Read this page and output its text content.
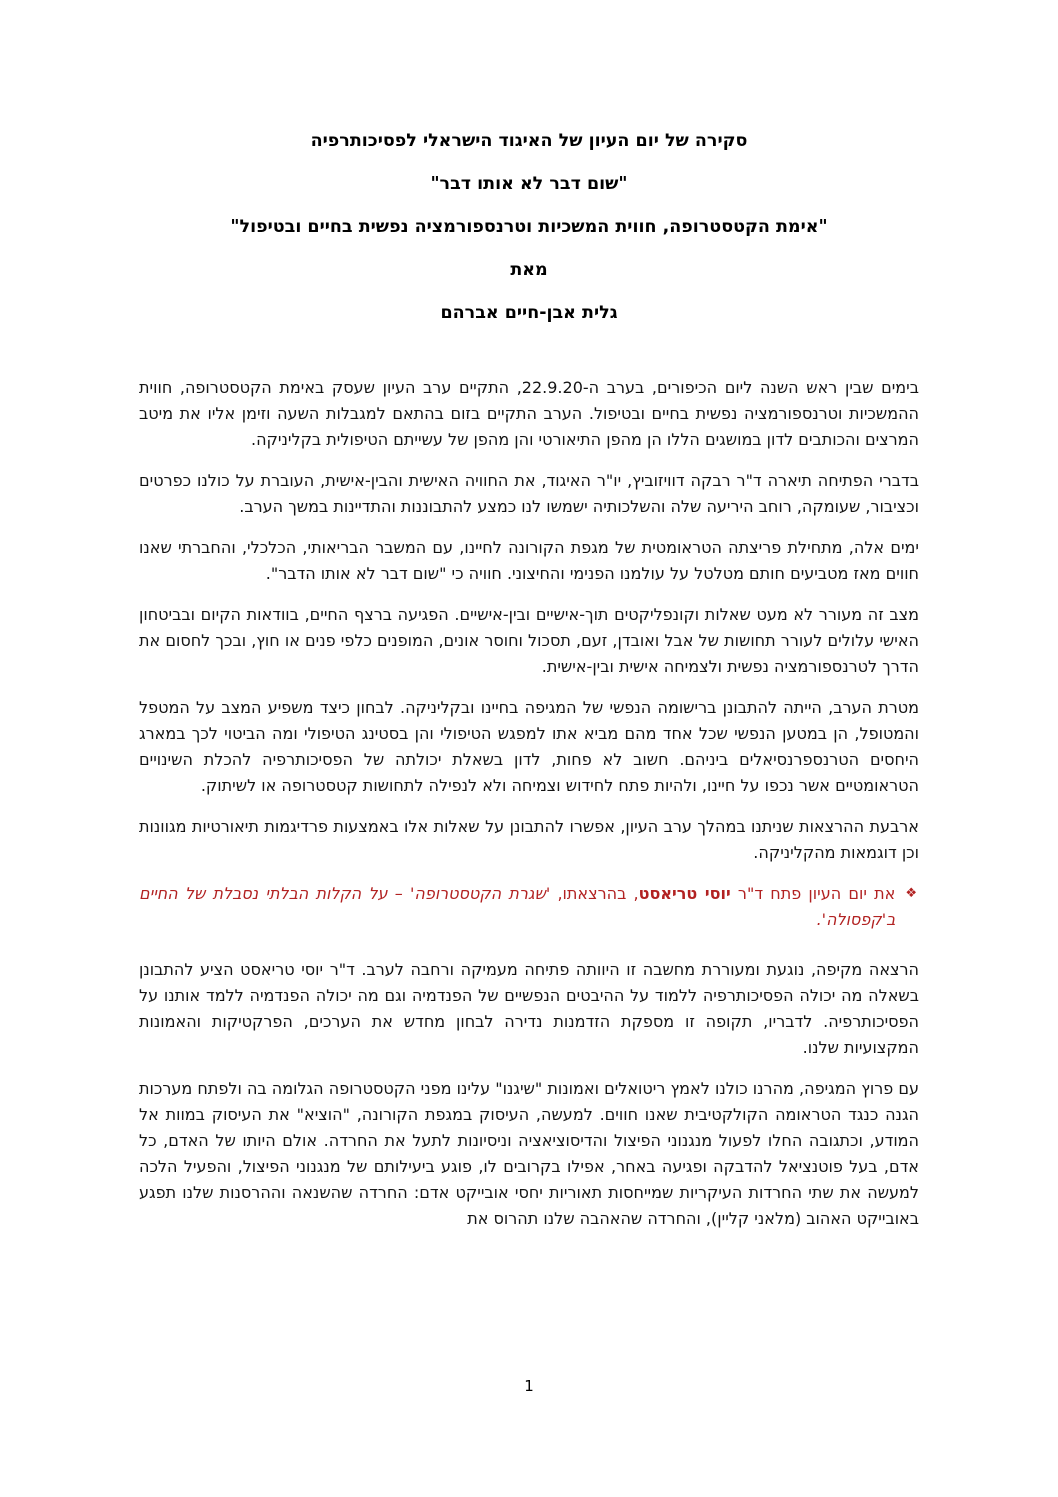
סקירה של יום העיון של האיגוד הישראלי לפסיכותרפיה
"שום דבר לא אותו דבר"
"אימת הקטסטרופה, חווית המשכיות וטרנספורמציה נפשית בחיים ובטיפול"
מאת
גלית אבן-חיים אברהם

בימים שבין ראש השנה ליום הכיפורים, בערב ה-22.9.20, התקיים ערב העיון שעסק באימת הקטסטרופה, חווית ההמשכיות וטרנספורמציה נפשית בחיים ובטיפול. הערב התקיים בזום בהתאם למגבלות השעה וזימן אליו את מיטב המרצים והכותבים לדון במושגים הללו הן מהפן התיאורטי והן מהפן של עשייתם הטיפולית בקליניקה.

בדברי הפתיחה תיארה ד"ר רבקה דוויזוביץ, יו"ר האיגוד, את החוויה האישית והבין-אישית, העוברת על כולנו כפרטים וכציבור, שעומקה, רוחב היריעה שלה והשלכותיה ישמשו לנו כמצע להתבוננות והתדיינות במשך הערב.

ימים אלה, מתחילת פריצתה הטראומטית של מגפת הקורונה לחיינו, עם המשבר הבריאותי, הכלכלי, והחברתי שאנו חווים מאז מטביעים חותם מטלטל על עולמנו הפנימי והחיצוני. חוויה כי "שום דבר לא אותו הדבר".

מצב זה מעורר לא מעט שאלות וקונפליקטים תוך-אישיים ובין-אישיים. הפגיעה ברצף החיים, בוודאות הקיום ובביטחון האישי עלולים לעורר תחושות של אבל ואובדן, זעם, תסכול וחוסר אונים, המופנים כלפי פנים או חוץ, ובכך לחסום את הדרך לטרנספורמציה נפשית ולצמיחה אישית ובין-אישית.

מטרת הערב, הייתה להתבונן ברישומה הנפשי של המגיפה בחיינו ובקליניקה. לבחון כיצד משפיע המצב על המטפל והמטופל, הן במטען הנפשי שכל אחד מהם מביא אתו למפגש הטיפולי והן בסטינג הטיפולי ומה הביטוי לכך במארג היחסים הטרנספרנסיאלים ביניהם. חשוב לא פחות, לדון בשאלת יכולתה של הפסיכותרפיה להכלת השינויים הטראומטיים אשר נכפו על חיינו, ולהיות פתח לחידוש וצמיחה ולא לנפילה לתחושות קטסטרופה או לשיתוק.

ארבעת ההרצאות שניתנו במהלך ערב העיון, אפשרו להתבונן על שאלות אלו באמצעות פרדיגמות תיאורטיות מגוונות וכן דוגמאות מהקליניקה.

❖
את יום העיון פתח ד"ר יוסי טריאסט, בהרצאתו, 'שגרת הקטסטרופה' – על הקלות הבלתי נסבלת של החיים ב'קפסולה'.

הרצאה מקיפה, נוגעת ומעוררת מחשבה זו היוותה פתיחה מעמיקה ורחבה לערב. ד"ר יוסי טריאסט הציע להתבונן בשאלה מה יכולה הפסיכותרפיה ללמוד על ההיבטים הנפשיים של הפנדמיה וגם מה יכולה הפנדמיה ללמד אותנו על הפסיכותרפיה. לדבריו, תקופה זו מספקת הזדמנות נדירה לבחון מחדש את הערכים, הפרקטיקות והאמונות המקצועיות שלנו.

עם פרוץ המגיפה, מהרנו כולנו לאמץ ריטואלים ואמונות "שיגנו" עלינו מפני הקטסטרופה הגלומה בה ולפתח מערכות הגנה כנגד הטראומה הקולקטיבית שאנו חווים. למעשה, העיסוק במגפת הקורונה, "הוציא" את העיסוק במוות אל המודע, וכתגובה החלו לפעול מנגנוני הפיצול והדיסוציאציה וניסיונות לתעל את החרדה. אולם היותו של האדם, כל אדם, בעל פוטנציאל להדבקה ופגיעה באחר, אפילו בקרובים לו, פוגע ביעילותם של מנגנוני הפיצול, והפעיל הלכה למעשה את שתי החרדות העיקריות שמייחסות תאוריות יחסי אובייקט אדם: החרדה שהשנאה וההרסנות שלנו תפגע באובייקט האהוב (מלאני קליין), והחרדה שהאהבה שלנו תהרוס את

1
